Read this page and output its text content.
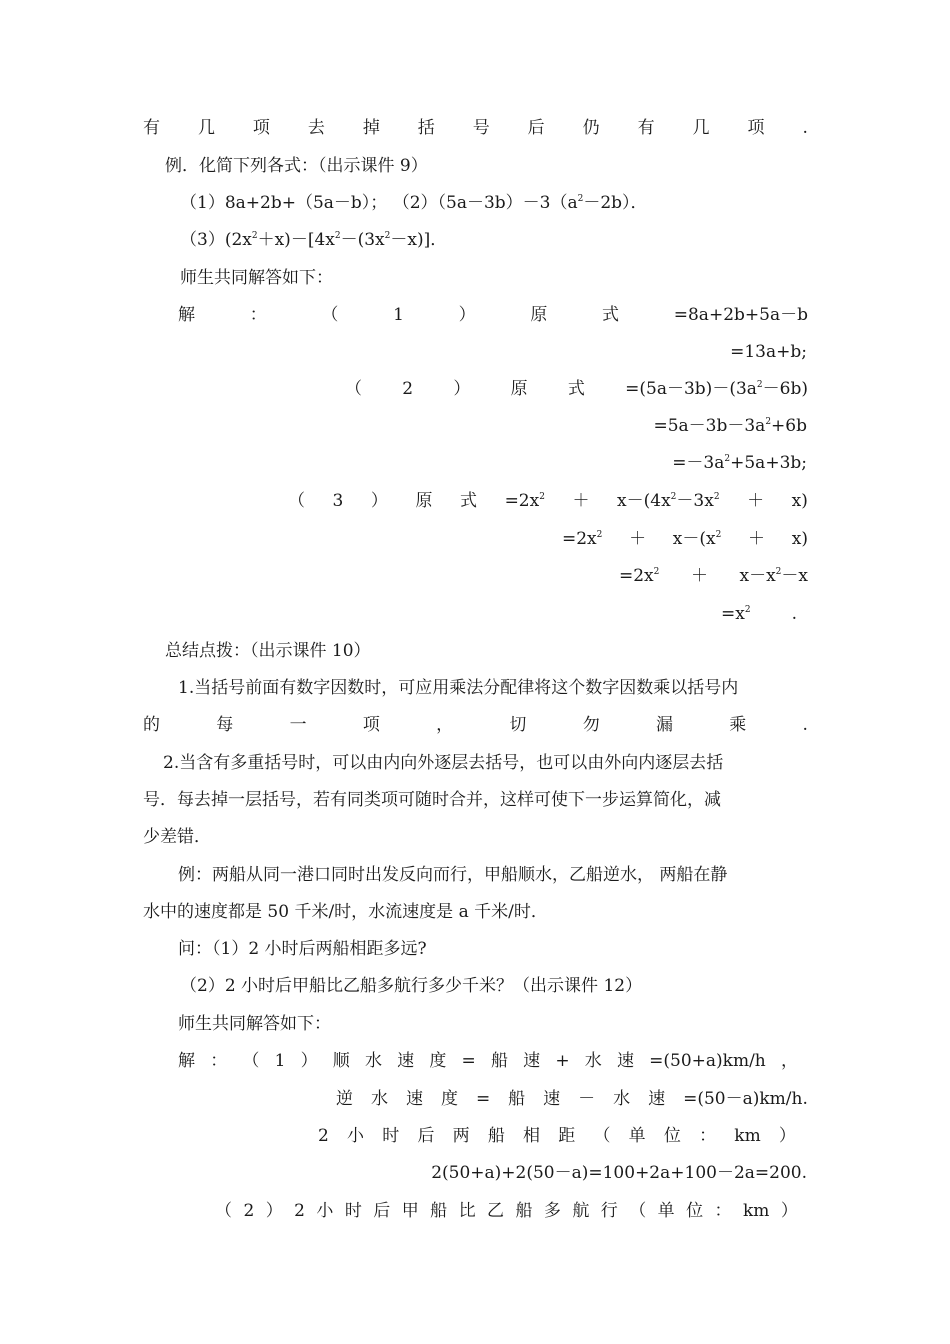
有 几 项 去 掉 括 号 后 仍 有 几 项 .
例．化简下列各式：（出示课件 9）
（1）8a+2b+（5a－b）； $(2)(5a-3b)-3(a^2-2b)$．
$(3)(2x^2+x)-[4x^2-(3x^2-x)]$．
师生共同解答如下：
解	：	（	1	）	原	式	=8a+2b+5a－b
=13a+b;
（ 2 ） 原 式 $=(5a-3b)-(3a^2-6b)$
$=5a-3b-3a^2+6b$
$=-3a^2+5a+3b$;
（ 3 ） 原 式 $=2x^2 + x-(4x^2-3x^2 + x)$
$=2x^2 + x-(x^2 + x)$
$=2x^2 + x-x^2-x$
$=x^2$ .
总结点拨：（出示课件 10）
1.当括号前面有数字因数时，可应用乘法分配律将这个数字因数乘以括号内
的	每	一	项	，	切	勿	漏	乘	.
2.当含有多重括号时，可以由内向外逐层去括号，也可以由外向内逐层去括
号．每去掉一层括号，若有同类项可随时合并，这样可使下一步运算简化，减
少差错．
例：两船从同一港口同时出发反向而行，甲船顺水，乙船逆水， 两船在静
水中的速度都是 50 千米/时，水流速度是 a 千米/时．
问：（1）2 小时后两船相距多远?
（2）2 小时后甲船比乙船多航行多少千米？（出示课件 12）
师生共同解答如下：
解 ： （ 1 ） 顺 水 速 度 = 船 速 + 水 速 =(50+a)km/h ，
逆 水 速 度 = 船 速 － 水 速 =(50－a)km/h.
2 小 时 后 两 船 相 距 （ 单 位 ： km ）
2(50+a)+2(50－a)=100+2a+100－2a=200.
（ 2 ） 2 小 时 后 甲 船 比 乙 船 多 航 行 （ 单 位 ： km ）
